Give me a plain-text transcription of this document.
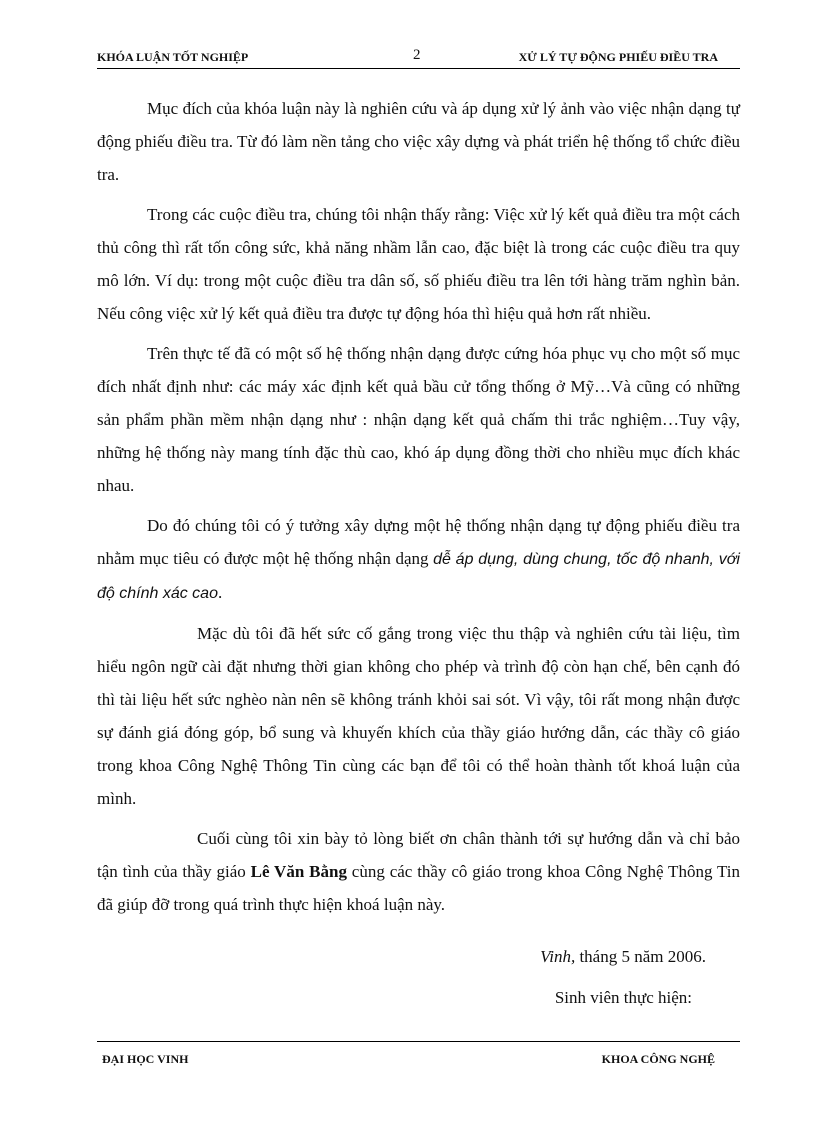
KHÓA LUẬN TỐT NGHIỆP	2	XỬ LÝ TỰ ĐỘNG PHIẾU ĐIỀU TRA

Mục đích của khóa luận này là nghiên cứu và áp dụng xử lý ảnh vào việc nhận dạng tự động phiếu điều tra. Từ đó làm nền tảng cho việc xây dựng và phát triển hệ thống tổ chức điều tra.

Trong các cuộc điều tra, chúng tôi nhận thấy rằng: Việc xử lý kết quả điều tra một cách thủ công thì rất tốn công sức, khả năng nhầm lẫn cao, đặc biệt là trong các cuộc điều tra quy mô lớn. Ví dụ: trong một cuộc điều tra dân số, số phiếu điều tra lên tới hàng trăm nghìn bản. Nếu công việc xử lý kết quả điều tra được tự động hóa thì hiệu quả hơn rất nhiều.

Trên thực tế đã có một số hệ thống nhận dạng được cứng hóa phục vụ cho một số mục đích nhất định như: các máy xác định kết quả bầu cử tổng thống ở Mỹ…Và cũng có những sản phẩm phần mềm nhận dạng như : nhận dạng kết quả chấm thi trắc nghiệm…Tuy vậy, những hệ thống này mang tính đặc thù cao, khó áp dụng đồng thời cho nhiều mục đích khác nhau.

Do đó chúng tôi có ý tưởng xây dựng một hệ thống nhận dạng tự động phiếu điều tra nhằm mục tiêu có được một hệ thống nhận dạng dễ áp dụng, dùng chung, tốc độ nhanh, với độ chính xác cao.

Mặc dù tôi đã hết sức cố gắng trong việc thu thập và nghiên cứu tài liệu, tìm hiểu ngôn ngữ cài đặt nhưng thời gian không cho phép và trình độ còn hạn chế, bên cạnh đó thì tài liệu hết sức nghèo nàn nên sẽ không tránh khỏi sai sót. Vì vậy, tôi rất mong nhận được sự đánh giá đóng góp, bổ sung và khuyến khích của thầy giáo hướng dẫn, các thầy cô giáo trong khoa Công Nghệ Thông Tin cùng các bạn để tôi có thể hoàn thành tốt khoá luận của mình.

Cuối cùng tôi xin bày tỏ lòng biết ơn chân thành tới sự hướng dẫn và chỉ bảo tận tình của thầy giáo Lê Văn Bằng cùng các thầy cô giáo trong khoa Công Nghệ Thông Tin đã giúp đỡ trong quá trình thực hiện khoá luận này.

Vinh, tháng 5 năm 2006.
Sinh viên thực hiện:
ĐẠI HỌC VINH	KHOA CÔNG NGHỆ
